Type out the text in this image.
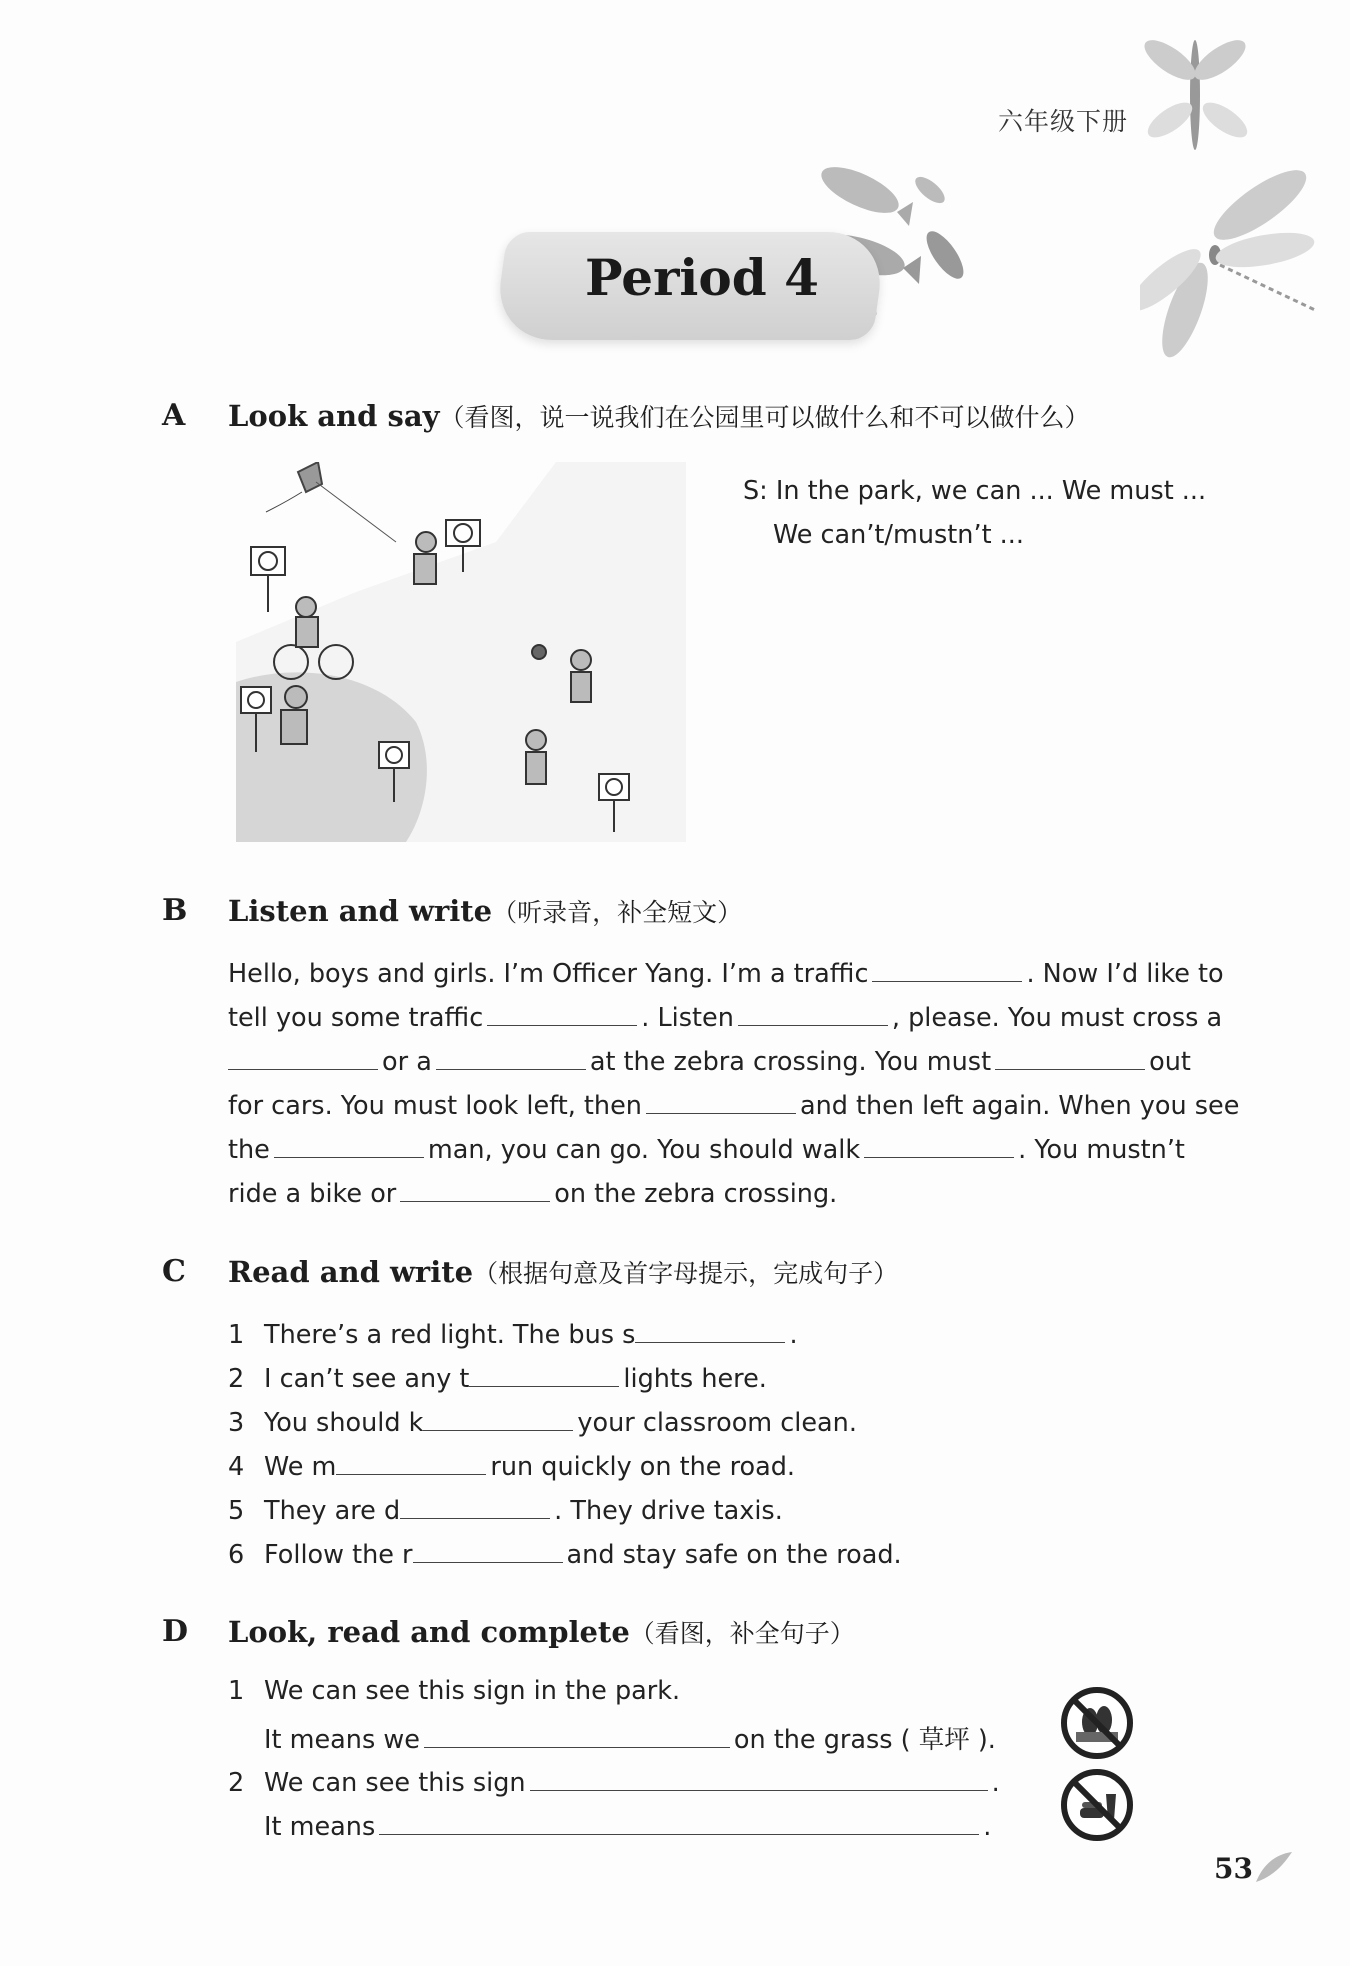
六年级下册
Period 4
A Look and say（看图，说一说我们在公园里可以做什么和不可以做什么）
S: In the park, we can ... We must ...
We can’t/mustn’t ...
B Listen and write（听录音，补全短文）
Hello, boys and girls. I’m Officer Yang. I’m a traffic	. Now I’d like to
tell you some traffic	. Listen	, please. You must cross a
or a	at the zebra crossing. You must	out
for cars. You must look left, then	and then left again. When you see
the	man, you can go. You should walk	. You mustn’t
ride a bike or	on the zebra crossing.
C Read and write（根据句意及首字母提示，完成句子）
1 There’s a red light. The bus s	.
2 I can’t see any t	lights here.
3 You should k	your classroom clean.
4 We m	run quickly on the road.
5 They are d	. They drive taxis.
6 Follow the r	and stay safe on the road.
D Look, read and complete（看图，补全句子）
1 We can see this sign in the park.
It means we	on the grass ( 草坪 ).
2 We can see this sign	.
It means	.
53
